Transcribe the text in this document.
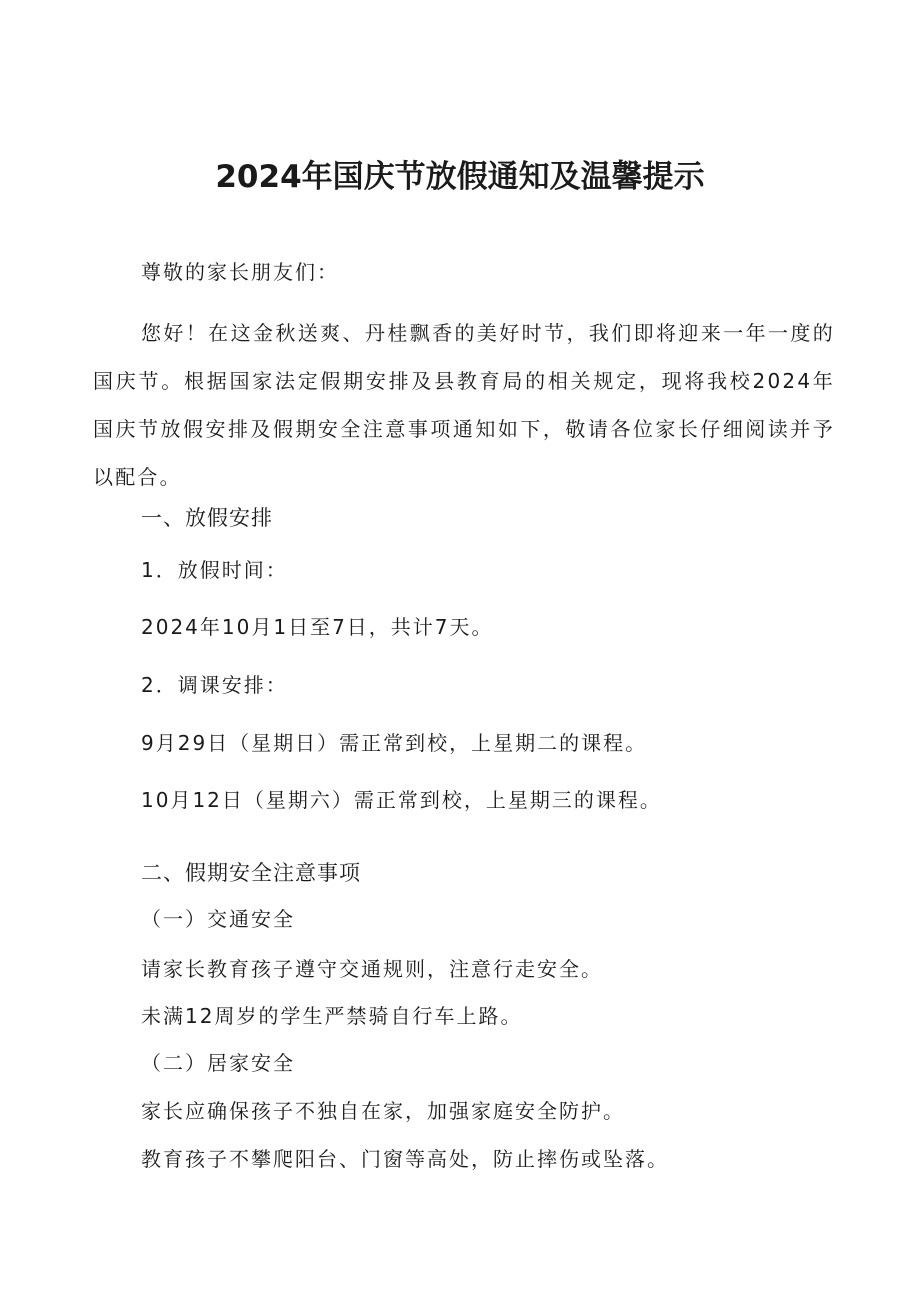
2024年国庆节放假通知及温馨提示
尊敬的家长朋友们：
您好！在这金秋送爽、丹桂飘香的美好时节，我们即将迎来一年一度的国庆节。根据国家法定假期安排及县教育局的相关规定，现将我校2024年国庆节放假安排及假期安全注意事项通知如下，敬请各位家长仔细阅读并予以配合。
一、放假安排
1．放假时间：
2024年10月1日至7日，共计7天。
2．调课安排：
9月29日（星期日）需正常到校，上星期二的课程。
10月12日（星期六）需正常到校，上星期三的课程。
二、假期安全注意事项
（一）交通安全
请家长教育孩子遵守交通规则，注意行走安全。
未满12周岁的学生严禁骑自行车上路。
（二）居家安全
家长应确保孩子不独自在家，加强家庭安全防护。
教育孩子不攀爬阳台、门窗等高处，防止摔伤或坠落。
